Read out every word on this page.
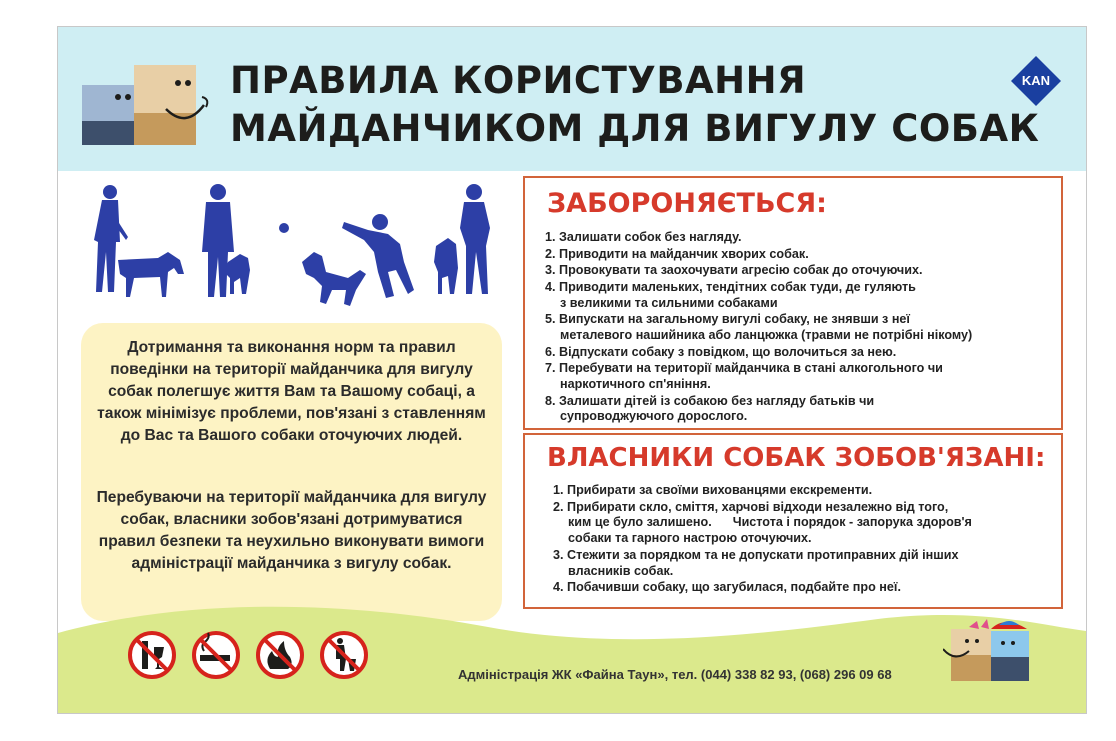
ПРАВИЛА КОРИСТУВАННЯ
МАЙДАНЧИКОМ ДЛЯ ВИГУЛУ СОБАК
KAN

Дотримання та виконання норм та правил поведінки на території майданчика для вигулу собак полегшує життя Вам та Вашому собаці, а також мінімізує проблеми, пов'язані з ставленням до Вас та Вашого собаки оточуючих людей.

Перебуваючи на території майданчика для вигулу собак, власники зобов'язані дотримуватися правил безпеки та неухильно виконувати вимоги адміністрації майданчика з вигулу собак.

ЗАБОРОНЯЄТЬСЯ:
1. Залишати собок без нагляду.
2. Приводити на майданчик хворих собак.
3. Провокувати та заохочувати агресію собак до оточуючих.
4. Приводити маленьких, тендітних собак туди, де гуляють
з великими та сильними собаками
5. Випускати на загальному вигулі собаку, не знявши з неї
металевого нашийника або ланцюжка (травми не потрібні нікому)
6. Відпускати собаку з повідком, що волочиться за нею.
7. Перебувати на території майданчика в стані алкогольного чи
наркотичного сп'яніння.
8. Залишати дітей із собакою без нагляду батьків чи
супроводжуючого дорослого.
ВЛАСНИКИ СОБАК ЗОБОВ'ЯЗАНІ:
1. Прибирати за своїми вихованцями екскременти.
2. Прибирати скло, сміття, харчові відходи незалежно від того,
ким це було залишено.      Чистота і порядок - запорука здоров'я
собаки та гарного настрою оточуючих.
3. Стежити за порядком та не допускати протиправних дій інших
власників собак.
4. Побачивши собаку, що загубилася, подбайте про неї.
Адміністрація ЖК «Файна Таун», тел. (044) 338 82 93, (068) 296 09 68
